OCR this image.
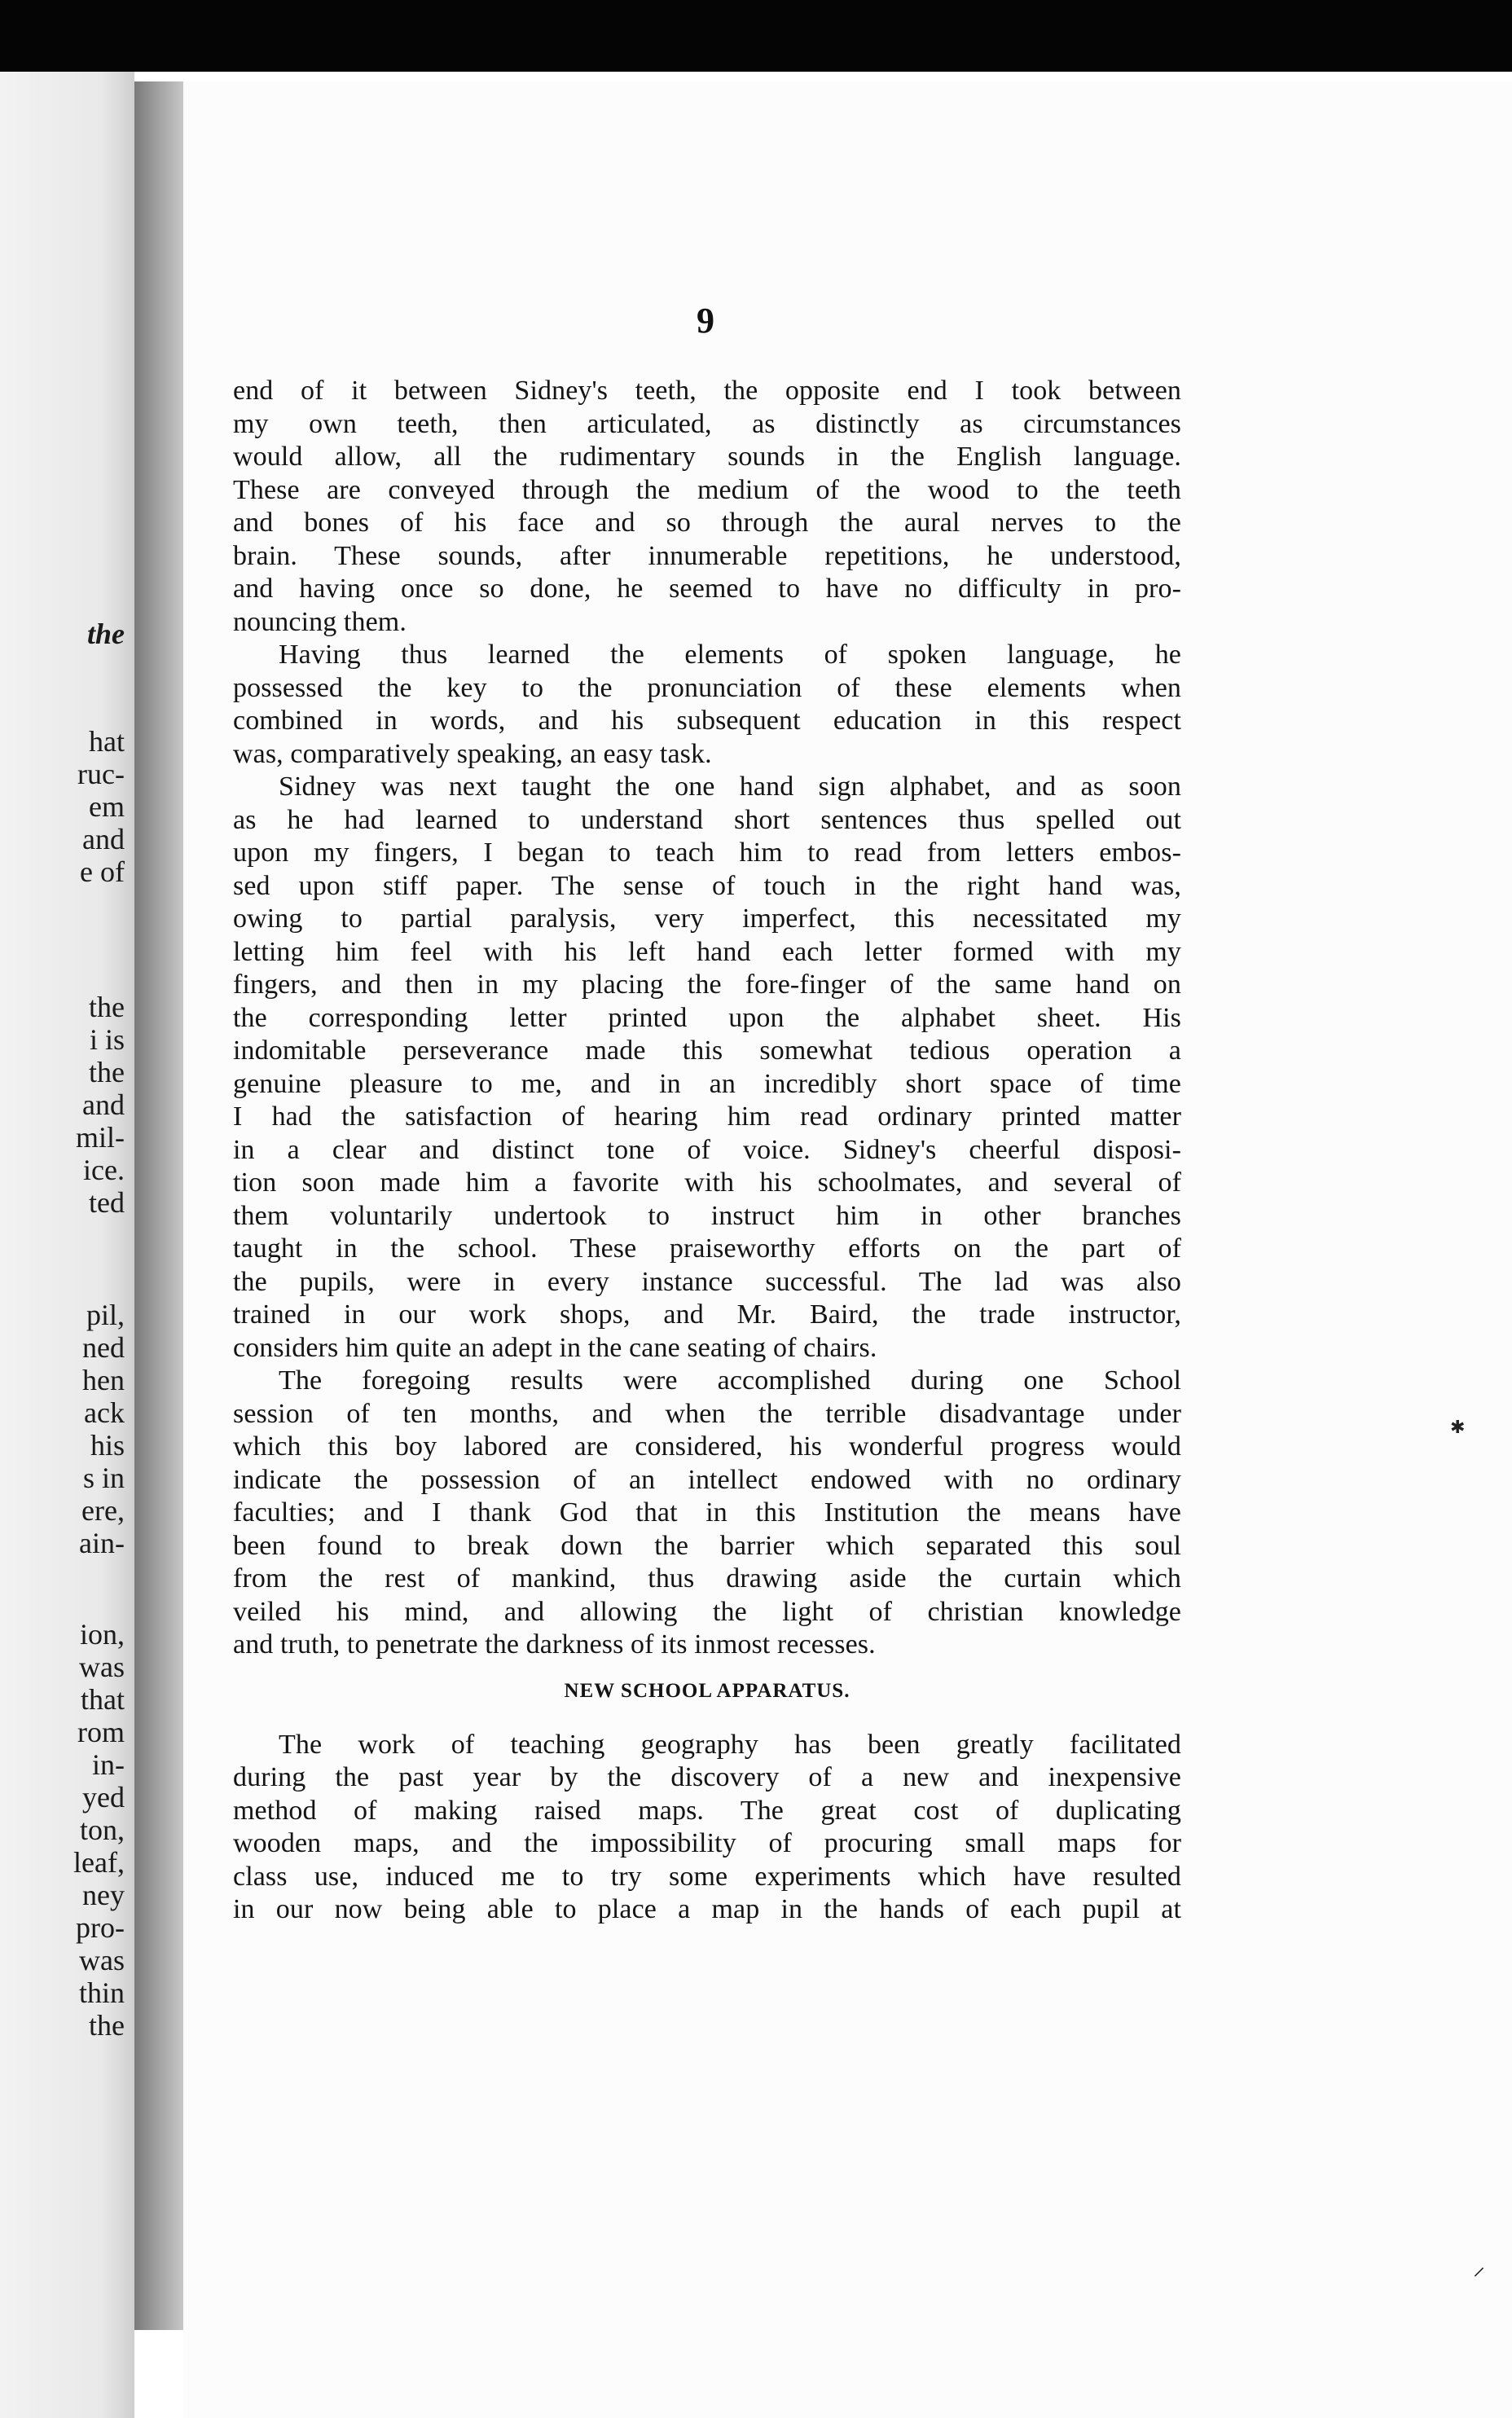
the
hat
ruc-
em
and
e of
the
i is
the
and
mil-
ice.
ted
pil,
ned
hen
ack
his
s in
ere,
ain-
ion,
was
that
rom
in-
yed
ton,
leaf,
ney
pro-
was
thin
the
9
end of it between Sidney's teeth, the opposite end I took between
my own teeth, then articulated, as distinctly as circumstances
would allow, all the rudimentary sounds in the English language.
These are conveyed through the medium of the wood to the teeth
and bones of his face and so through the aural nerves to the
brain. These sounds, after innumerable repetitions, he understood,
and having once so done, he seemed to have no difficulty in pro-
nouncing them.
Having thus learned the elements of spoken language, he
possessed the key to the pronunciation of these elements when
combined in words, and his subsequent education in this respect
was, comparatively speaking, an easy task.
Sidney was next taught the one hand sign alphabet, and as soon
as he had learned to understand short sentences thus spelled out
upon my fingers, I began to teach him to read from letters embos-
sed upon stiff paper. The sense of touch in the right hand was,
owing to partial paralysis, very imperfect, this necessitated my
letting him feel with his left hand each letter formed with my
fingers, and then in my placing the fore-finger of the same hand on
the corresponding letter printed upon the alphabet sheet. His
indomitable perseverance made this somewhat tedious operation a
genuine pleasure to me, and in an incredibly short space of time
I had the satisfaction of hearing him read ordinary printed matter
in a clear and distinct tone of voice. Sidney's cheerful disposi-
tion soon made him a favorite with his schoolmates, and several of
them voluntarily undertook to instruct him in other branches
taught in the school. These praiseworthy efforts on the part of
the pupils, were in every instance successful. The lad was also
trained in our work shops, and Mr. Baird, the trade instructor,
considers him quite an adept in the cane seating of chairs.
The foregoing results were accomplished during one School
session of ten months, and when the terrible disadvantage under
which this boy labored are considered, his wonderful progress would
indicate the possession of an intellect endowed with no ordinary
faculties; and I thank God that in this Institution the means have
been found to break down the barrier which separated this soul
from the rest of mankind, thus drawing aside the curtain which
veiled his mind, and allowing the light of christian knowledge
and truth, to penetrate the darkness of its inmost recesses.
NEW SCHOOL APPARATUS.
The work of teaching geography has been greatly facilitated
during the past year by the discovery of a new and inexpensive
method of making raised maps. The great cost of duplicating
wooden maps, and the impossibility of procuring small maps for
class use, induced me to try some experiments which have resulted
in our now being able to place a map in the hands of each pupil at
✱
⸝
